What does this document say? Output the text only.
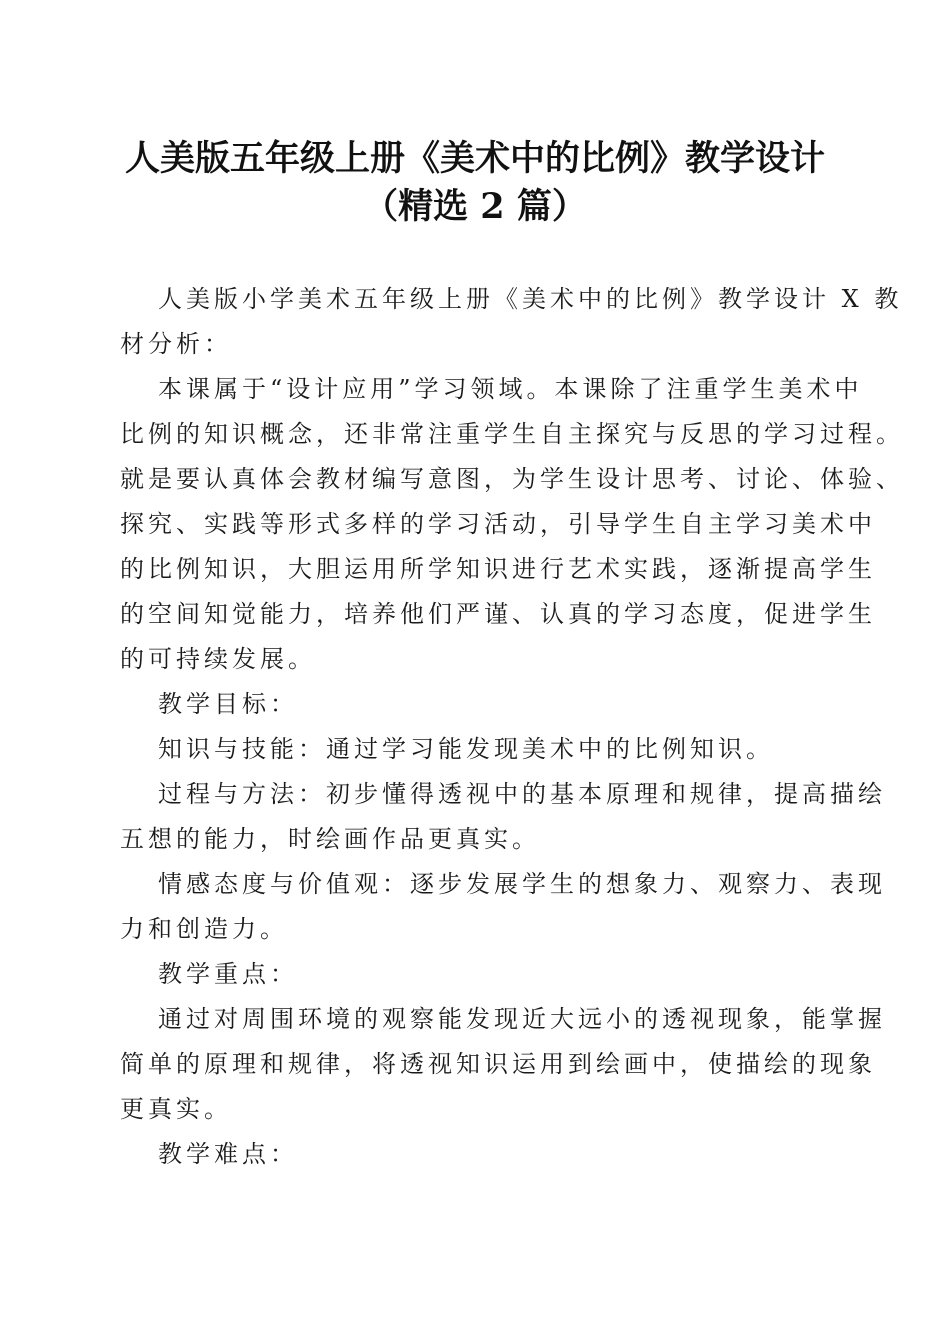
人美版五年级上册《美术中的比例》教学设计
（精选 2 篇）
人美版小学美术五年级上册《美术中的比例》教学设计 X 教
材分析：
本课属于“设计应用”学习领域。本课除了注重学生美术中
比例的知识概念，还非常注重学生自主探究与反思的学习过程。
就是要认真体会教材编写意图，为学生设计思考、讨论、体验、
探究、实践等形式多样的学习活动，引导学生自主学习美术中
的比例知识，大胆运用所学知识进行艺术实践，逐渐提高学生
的空间知觉能力，培养他们严谨、认真的学习态度，促进学生
的可持续发展。
教学目标：
知识与技能：通过学习能发现美术中的比例知识。
过程与方法：初步懂得透视中的基本原理和规律，提高描绘
五想的能力，时绘画作品更真实。
情感态度与价值观：逐步发展学生的想象力、观察力、表现
力和创造力。
教学重点：
通过对周围环境的观察能发现近大远小的透视现象，能掌握
简单的原理和规律，将透视知识运用到绘画中，使描绘的现象
更真实。
教学难点：
